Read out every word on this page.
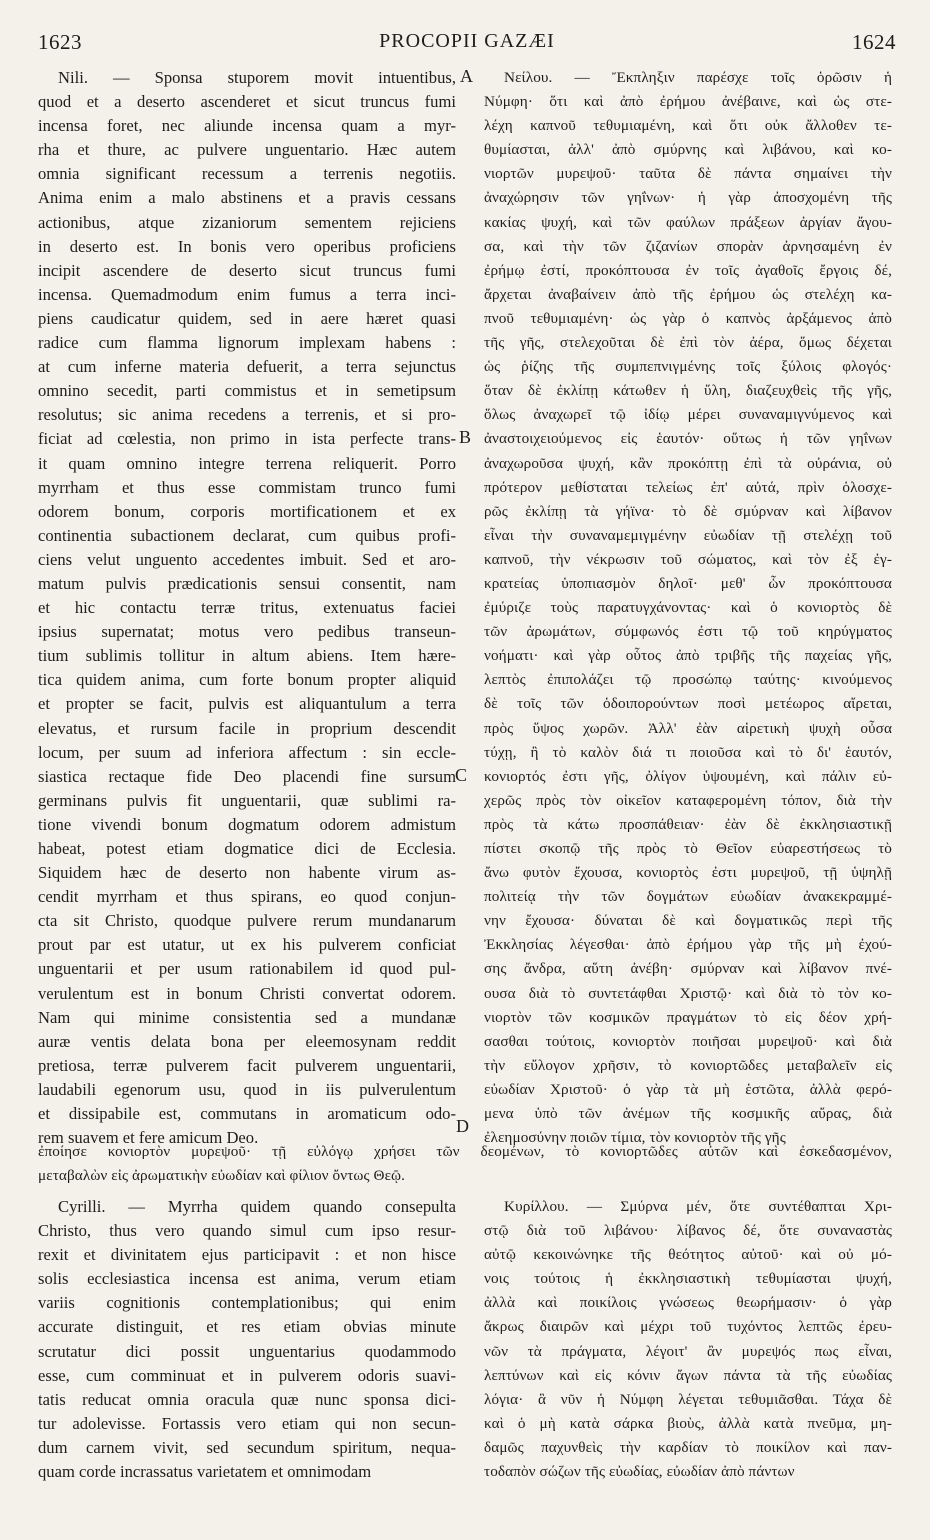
1623	PROCOPII GAZÆI	1624
A
B
C
D
Nili. — Sponsa stuporem movit intuentibus,
quod et a deserto ascenderet et sicut truncus fumi
incensa foret, nec aliunde incensa quam a myr-
rha et thure, ac pulvere unguentario. Hæc autem
omnia significant recessum a terrenis negotiis.
Anima enim a malo abstinens et a pravis cessans
actionibus, atque zizaniorum sementem rejiciens
in deserto est. In bonis vero operibus proficiens
incipit ascendere de deserto sicut truncus fumi
incensa. Quemadmodum enim fumus a terra inci-
piens caudicatur quidem, sed in aere hæret quasi
radice cum flamma lignorum implexam habens :
at cum inferne materia defuerit, a terra sejunctus
omnino secedit, parti commistus et in semetipsum
resolutus; sic anima recedens a terrenis, et si pro-
ficiat ad cœlestia, non primo in ista perfecte trans-
it quam omnino integre terrena reliquerit. Porro
myrrham et thus esse commistam trunco fumi
odorem bonum, corporis mortificationem et ex
continentia subactionem declarat, cum quibus profi-
ciens velut unguento accedentes imbuit. Sed et aro-
matum pulvis prædicationis sensui consentit, nam
et hic contactu terræ tritus, extenuatus faciei
ipsius supernatat; motus vero pedibus transeun-
tium sublimis tollitur in altum abiens. Item hære-
tica quidem anima, cum forte bonum propter aliquid
et propter se facit, pulvis est aliquantulum a terra
elevatus, et rursum facile in proprium descendit
locum, per suum ad inferiora affectum : sin eccle-
siastica rectaque fide Deo placendi fine sursum
germinans pulvis fit unguentarii, quæ sublimi ra-
tione vivendi bonum dogmatum odorem admistum
habeat, potest etiam dogmatice dici de Ecclesia.
Siquidem hæc de deserto non habente virum as-
cendit myrrham et thus spirans, eo quod conjun-
cta sit Christo, quodque pulvere rerum mundanarum
prout par est utatur, ut ex his pulverem conficiat
unguentarii et per usum rationabilem id quod pul-
verulentum est in bonum Christi convertat odorem.
Nam qui minime consistentia sed a mundanæ
auræ ventis delata bona per eleemosynam reddit
pretiosa, terræ pulverem facit pulverem unguentarii,
laudabili egenorum usu, quod in iis pulverulentum
et dissipabile est, commutans in aromaticum odo-
rem suavem et fere amicum Deo.
Νείλου. — Ἔκπληξιν παρέσχε τοῖς ὁρῶσιν ἡ
Νύμφη· ὅτι καὶ ἀπὸ ἐρήμου ἀνέβαινε, καὶ ὡς στε-
λέχη καπνοῦ τεθυμιαμένη, καὶ ὅτι οὐκ ἄλλοθεν τε-
θυμίασται, ἀλλ' ἀπὸ σμύρνης καὶ λιβάνου, καὶ κο-
νιορτῶν μυρεψοῦ· ταῦτα δὲ πάντα σημαίνει τὴν
ἀναχώρησιν τῶν γηΐνων· ἡ γὰρ ἀποσχομένη τῆς
κακίας ψυχή, καὶ τῶν φαύλων πράξεων ἀργίαν ἄγου-
σα, καὶ τὴν τῶν ζιζανίων σπορὰν ἀρνησαμένη ἐν
ἐρήμῳ ἐστί, προκόπτουσα ἐν τοῖς ἀγαθοῖς ἔργοις δέ,
ἄρχεται ἀναβαίνειν ἀπὸ τῆς ἐρήμου ὡς στελέχη κα-
πνοῦ τεθυμιαμένη· ὡς γὰρ ὁ καπνὸς ἀρξάμενος ἀπὸ
τῆς γῆς, στελεχοῦται δὲ ἐπὶ τὸν ἀέρα, ὅμως δέχεται
ὡς ῥίζης τῆς συμπεπνιγμένης τοῖς ξύλοις φλογός·
ὅταν δὲ ἐκλίπῃ κάτωθεν ἡ ὕλη, διαζευχθεὶς τῆς γῆς,
ὅλως ἀναχωρεῖ τῷ ἰδίῳ μέρει συναναμιγνύμενος καὶ
ἀναστοιχειούμενος εἰς ἑαυτόν· οὕτως ἡ τῶν γηΐνων
ἀναχωροῦσα ψυχή, κἂν προκόπτῃ ἐπὶ τὰ οὐράνια, οὐ
πρότερον μεθίσταται τελείως ἐπ' αὐτά, πρὶν ὁλοσχε-
ρῶς ἐκλίπῃ τὰ γήϊνα· τὸ δὲ σμύρναν καὶ λίβανον
εἶναι τὴν συναναμεμιγμένην εὐωδίαν τῇ στελέχῃ τοῦ
καπνοῦ, τὴν νέκρωσιν τοῦ σώματος, καὶ τὸν ἐξ ἐγ-
κρατείας ὑποπιασμὸν δηλοῖ· μεθ' ὧν προκόπτουσα
ἐμύριζε τοὺς παρατυγχάνοντας· καὶ ὁ κονιορτὸς δὲ
τῶν ἀρωμάτων, σύμφωνός ἐστι τῷ τοῦ κηρύγματος
νοήματι· καὶ γὰρ οὗτος ἀπὸ τριβῆς τῆς παχείας γῆς,
λεπτὸς ἐπιπολάζει τῷ προσώπῳ ταύτης· κινούμενος
δὲ τοῖς τῶν ὁδοιπορούντων ποσὶ μετέωρος αἴρεται,
πρὸς ὕψος χωρῶν. Ἀλλ' ἐὰν αἱρετικὴ ψυχὴ οὖσα
τύχῃ, ἢ τὸ καλὸν διά τι ποιοῦσα καὶ τὸ δι' ἑαυτόν,
κονιορτός ἐστι γῆς, ὀλίγον ὑψουμένη, καὶ πάλιν εὐ-
χερῶς πρὸς τὸν οἰκεῖον καταφερομένη τόπον, διὰ τὴν
πρὸς τὰ κάτω προσπάθειαν· ἐὰν δὲ ἐκκλησιαστικῇ
πίστει σκοπῷ τῆς πρὸς τὸ Θεῖον εὐαρεστήσεως τὸ
ἄνω φυτὸν ἔχουσα, κονιορτὸς ἐστι μυρεψοῦ, τῇ ὑψηλῇ
πολιτείᾳ τὴν τῶν δογμάτων εὐωδίαν ἀνακεκραμμέ-
νην ἔχουσα· δύναται δὲ καὶ δογματικῶς περὶ τῆς
Ἐκκλησίας λέγεσθαι· ἀπὸ ἐρήμου γὰρ τῆς μὴ ἐχού-
σης ἄνδρα, αὕτη ἀνέβη· σμύρναν καὶ λίβανον πνέ-
ουσα διὰ τὸ συντετάφθαι Χριστῷ· καὶ διὰ τὸ τὸν κο-
νιορτὸν τῶν κοσμικῶν πραγμάτων τὸ εἰς δέον χρή-
σασθαι τούτοις, κονιορτὸν ποιῆσαι μυρεψοῦ· καὶ διὰ
τὴν εὔλογον χρῆσιν, τὸ κονιορτῶδες μεταβαλεῖν εἰς
εὐωδίαν Χριστοῦ· ὁ γὰρ τὰ μὴ ἑστῶτα, ἀλλὰ φερό-
μενα ὑπὸ τῶν ἀνέμων τῆς κοσμικῆς αὔρας, διὰ
ἐλεημοσύνην ποιῶν τίμια, τὸν κονιορτὸν τῆς γῆς
ἐποίησε κονιορτὸν μυρεψοῦ· τῇ εὐλόγῳ χρήσει τῶν δεομένων, τὸ κονιορτῶδες αὐτῶν καὶ ἐσκεδασμένον,
μεταβαλὼν εἰς ἀρωματικὴν εὐωδίαν καὶ φίλιον ὄντως Θεῷ.
Cyrilli. — Myrrha quidem quando consepulta
Christo, thus vero quando simul cum ipso resur-
rexit et divinitatem ejus participavit : et non hisce
solis ecclesiastica incensa est anima, verum etiam
variis cognitionis contemplationibus; qui enim
accurate distinguit, et res etiam obvias minute
scrutatur dici possit unguentarius quodammodo
esse, cum comminuat et in pulverem odoris suavi-
tatis reducat omnia oracula quæ nunc sponsa dici-
tur adolevisse. Fortassis vero etiam qui non secun-
dum carnem vivit, sed secundum spiritum, nequa-
quam corde incrassatus varietatem et omnimodam
Κυρίλλου. — Σμύρνα μέν, ὅτε συντέθαπται Χρι-
στῷ διὰ τοῦ λιβάνου· λίβανος δέ, ὅτε συναναστὰς
αὐτῷ κεκοινώνηκε τῆς θεότητος αὐτοῦ· καὶ οὐ μό-
νοις τούτοις ἡ ἐκκλησιαστικὴ τεθυμίασται ψυχή,
ἀλλὰ καὶ ποικίλοις γνώσεως θεωρήμασιν· ὁ γὰρ
ἄκρως διαιρῶν καὶ μέχρι τοῦ τυχόντος λεπτῶς ἐρευ-
νῶν τὰ πράγματα, λέγοιτ' ἂν μυρεψός πως εἶναι,
λεπτύνων καὶ εἰς κόνιν ἄγων πάντα τὰ τῆς εὐωδίας
λόγια· ἃ νῦν ἡ Νύμφη λέγεται τεθυμιᾶσθαι. Τάχα δὲ
καὶ ὁ μὴ κατὰ σάρκα βιοὺς, ἀλλὰ κατὰ πνεῦμα, μη-
δαμῶς παχυνθεὶς τὴν καρδίαν τὸ ποικίλον καὶ παν-
τοδαπὸν σώζων τῆς εὐωδίας, εὐωδίαν ἀπὸ πάντων
